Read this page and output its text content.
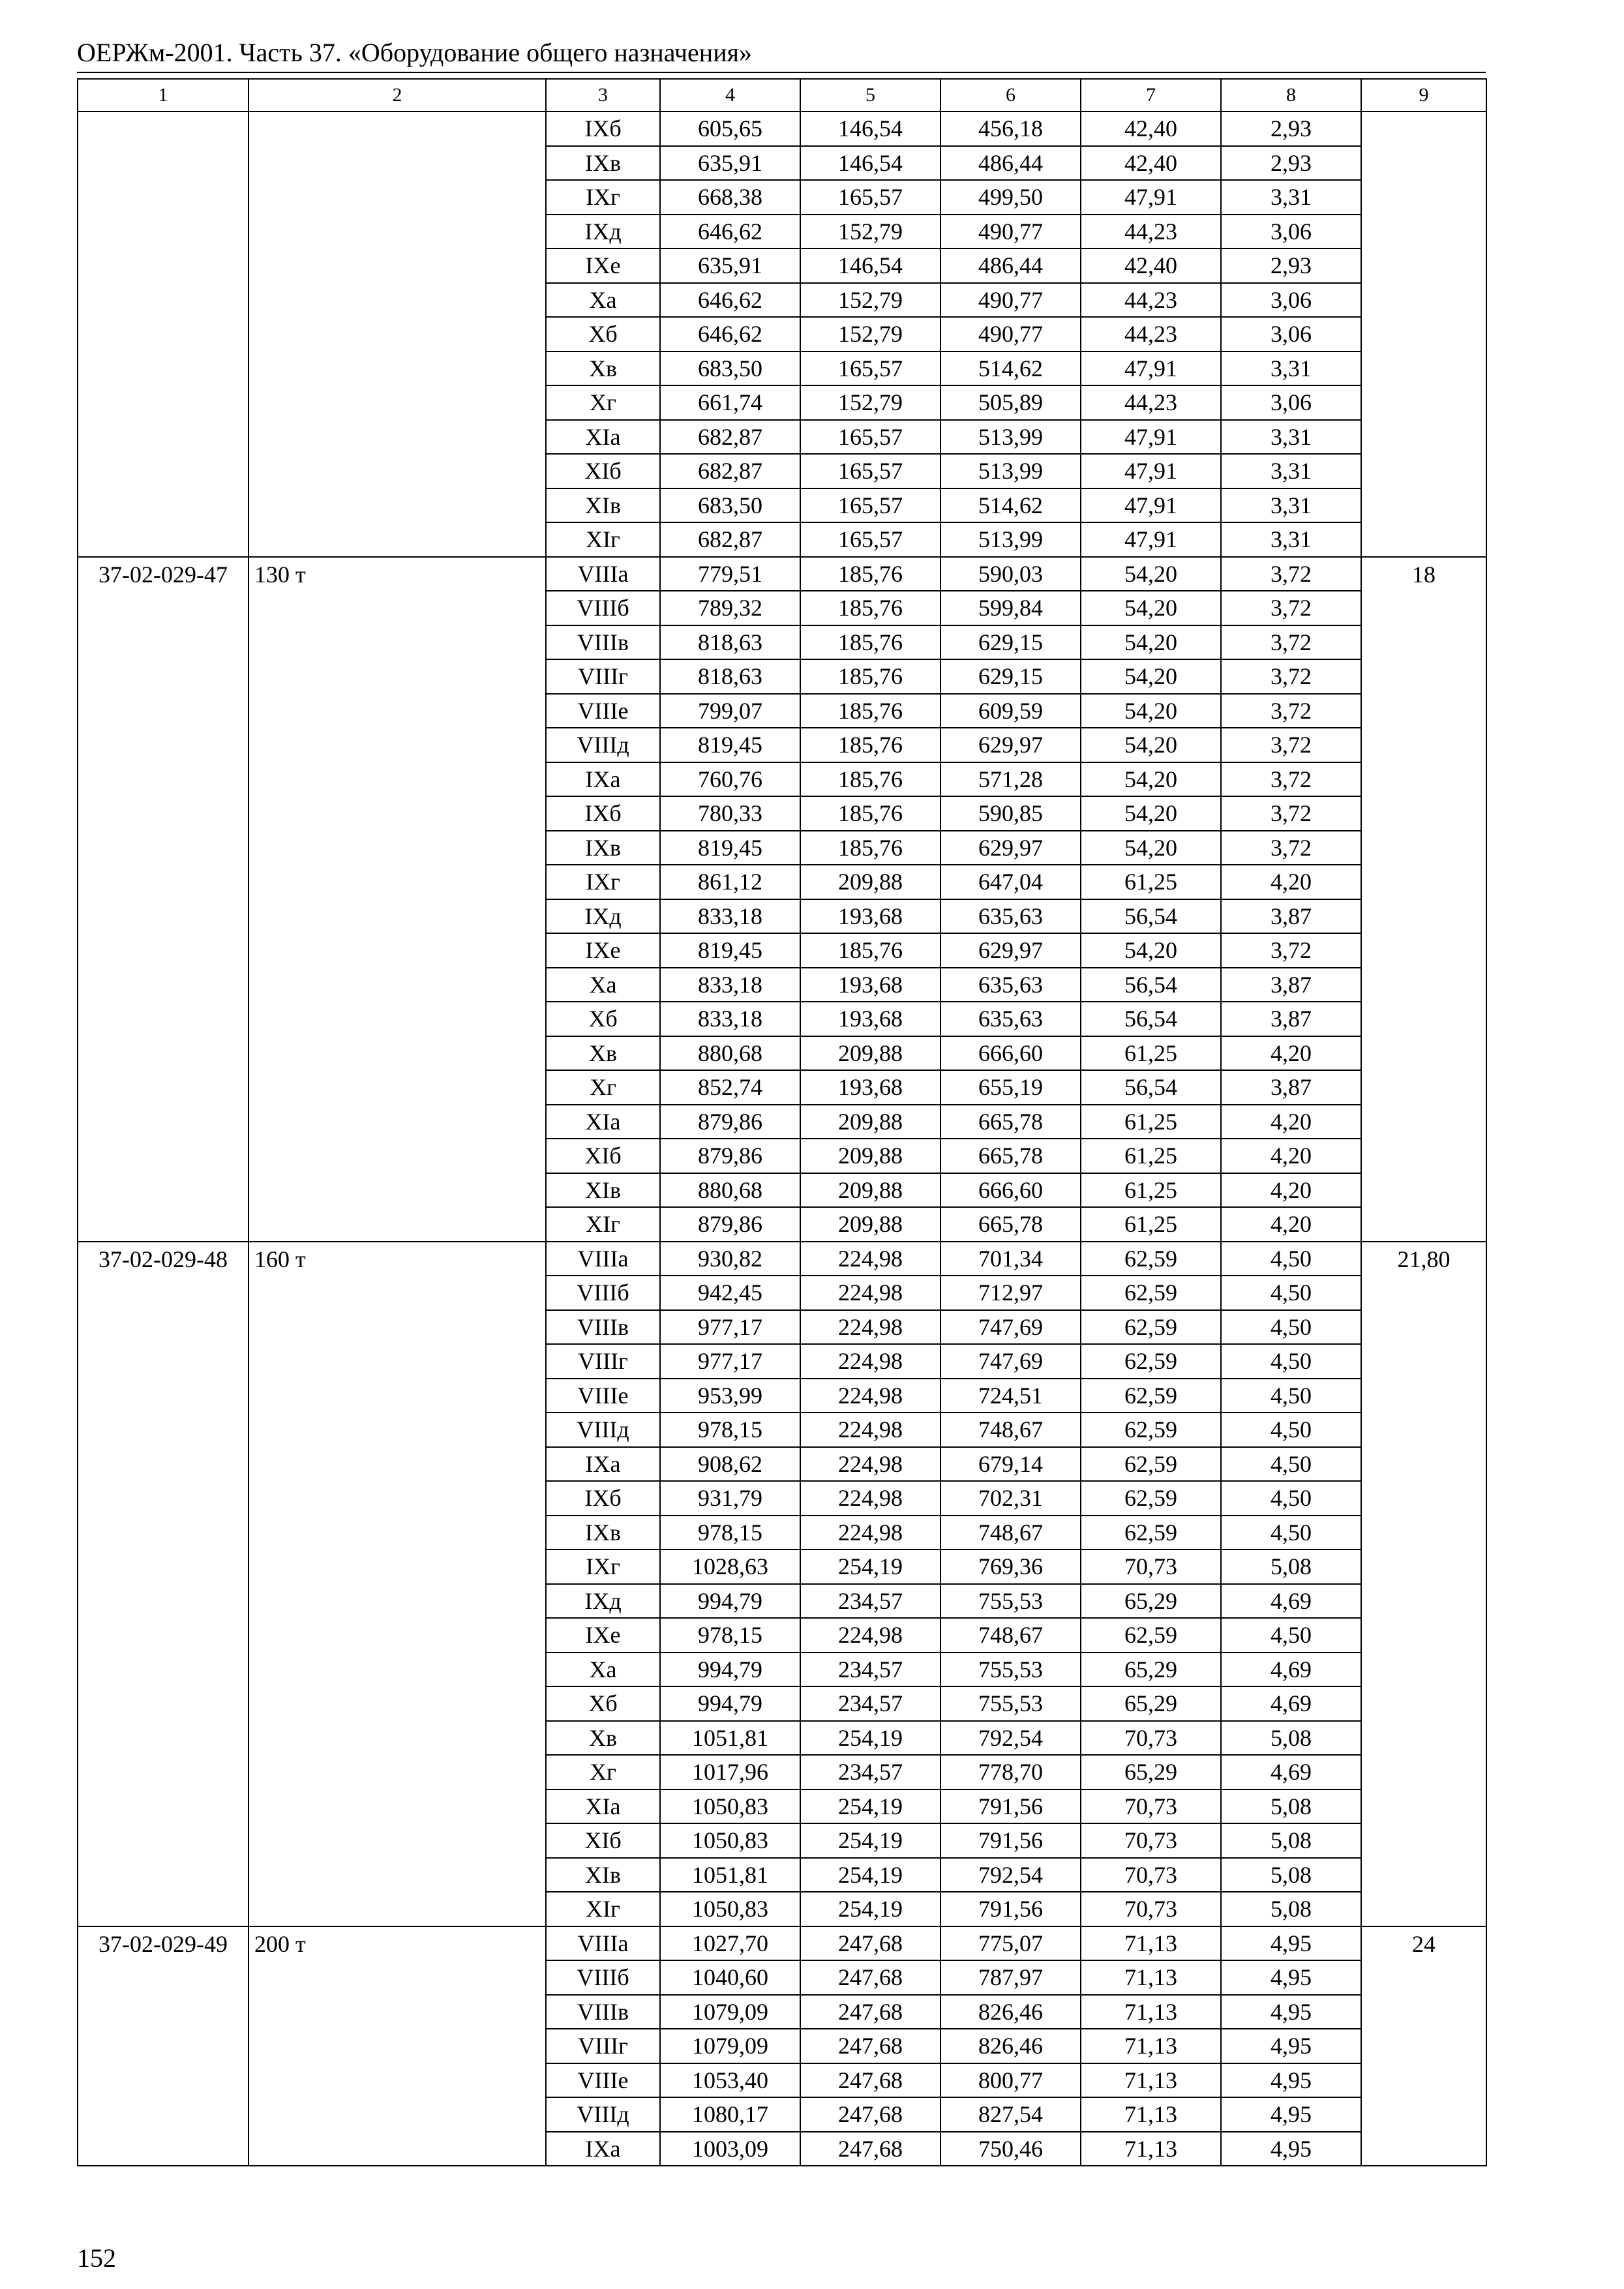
ОЕРЖм-2001. Часть 37. «Оборудование общего назначения»
1	2	3	4	5	6	7	8	9
		IХб	605,65	146,54	456,18	42,40	2,93	
		IХв	635,91	146,54	486,44	42,40	2,93	
		IХг	668,38	165,57	499,50	47,91	3,31	
		IХд	646,62	152,79	490,77	44,23	3,06	
		IХе	635,91	146,54	486,44	42,40	2,93	
		Ха	646,62	152,79	490,77	44,23	3,06	
		Хб	646,62	152,79	490,77	44,23	3,06	
		Хв	683,50	165,57	514,62	47,91	3,31	
		Хг	661,74	152,79	505,89	44,23	3,06	
		ХIа	682,87	165,57	513,99	47,91	3,31	
		ХIб	682,87	165,57	513,99	47,91	3,31	
		ХIв	683,50	165,57	514,62	47,91	3,31	
		ХIг	682,87	165,57	513,99	47,91	3,31	
37-02-029-47	130 т	VIIIа	779,51	185,76	590,03	54,20	3,72	18
		VIIIб	789,32	185,76	599,84	54,20	3,72	
		VIIIв	818,63	185,76	629,15	54,20	3,72	
		VIIIг	818,63	185,76	629,15	54,20	3,72	
		VIIIе	799,07	185,76	609,59	54,20	3,72	
		VIIIд	819,45	185,76	629,97	54,20	3,72	
		IХа	760,76	185,76	571,28	54,20	3,72	
		IХб	780,33	185,76	590,85	54,20	3,72	
		IХв	819,45	185,76	629,97	54,20	3,72	
		IХг	861,12	209,88	647,04	61,25	4,20	
		IХд	833,18	193,68	635,63	56,54	3,87	
		IХе	819,45	185,76	629,97	54,20	3,72	
		Ха	833,18	193,68	635,63	56,54	3,87	
		Хб	833,18	193,68	635,63	56,54	3,87	
		Хв	880,68	209,88	666,60	61,25	4,20	
		Хг	852,74	193,68	655,19	56,54	3,87	
		ХIа	879,86	209,88	665,78	61,25	4,20	
		ХIб	879,86	209,88	665,78	61,25	4,20	
		ХIв	880,68	209,88	666,60	61,25	4,20	
		ХIг	879,86	209,88	665,78	61,25	4,20	
37-02-029-48	160 т	VIIIа	930,82	224,98	701,34	62,59	4,50	21,80
		VIIIб	942,45	224,98	712,97	62,59	4,50	
		VIIIв	977,17	224,98	747,69	62,59	4,50	
		VIIIг	977,17	224,98	747,69	62,59	4,50	
		VIIIе	953,99	224,98	724,51	62,59	4,50	
		VIIIд	978,15	224,98	748,67	62,59	4,50	
		IХа	908,62	224,98	679,14	62,59	4,50	
		IХб	931,79	224,98	702,31	62,59	4,50	
		IХв	978,15	224,98	748,67	62,59	4,50	
		IХг	1028,63	254,19	769,36	70,73	5,08	
		IХд	994,79	234,57	755,53	65,29	4,69	
		IХе	978,15	224,98	748,67	62,59	4,50	
		Ха	994,79	234,57	755,53	65,29	4,69	
		Хб	994,79	234,57	755,53	65,29	4,69	
		Хв	1051,81	254,19	792,54	70,73	5,08	
		Хг	1017,96	234,57	778,70	65,29	4,69	
		ХIа	1050,83	254,19	791,56	70,73	5,08	
		ХIб	1050,83	254,19	791,56	70,73	5,08	
		ХIв	1051,81	254,19	792,54	70,73	5,08	
		ХIг	1050,83	254,19	791,56	70,73	5,08	
37-02-029-49	200 т	VIIIа	1027,70	247,68	775,07	71,13	4,95	24
		VIIIб	1040,60	247,68	787,97	71,13	4,95	
		VIIIв	1079,09	247,68	826,46	71,13	4,95	
		VIIIг	1079,09	247,68	826,46	71,13	4,95	
		VIIIе	1053,40	247,68	800,77	71,13	4,95	
		VIIIд	1080,17	247,68	827,54	71,13	4,95	
		IХа	1003,09	247,68	750,46	71,13	4,95	
152
